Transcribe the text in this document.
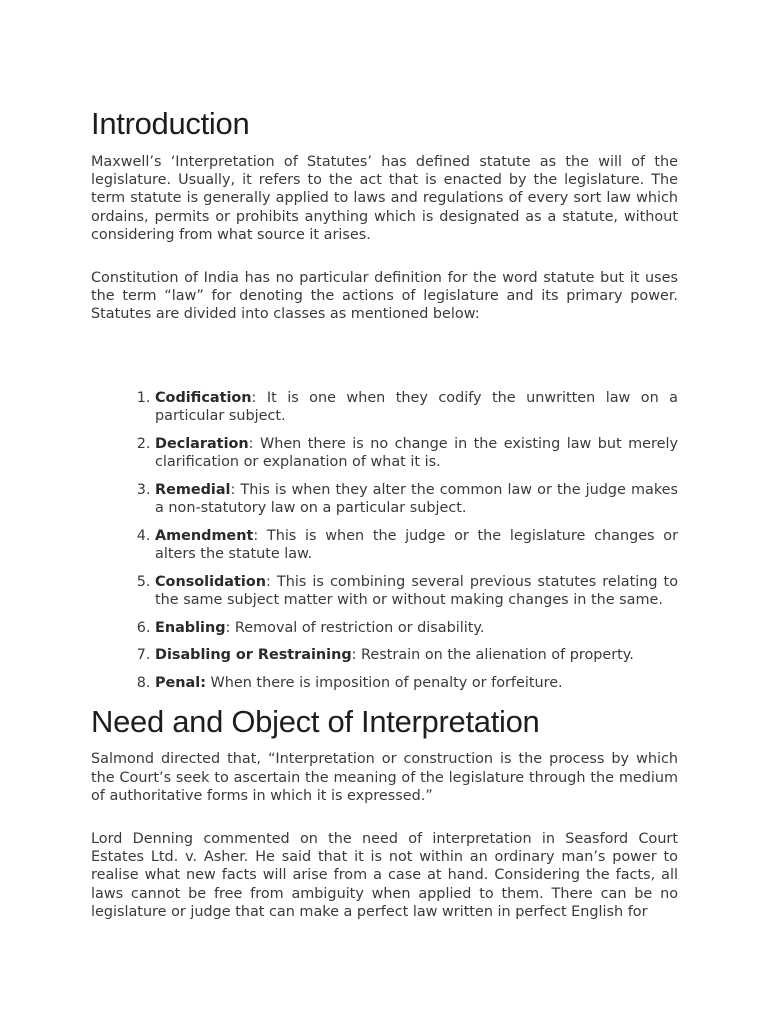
Introduction

Maxwell’s ‘Interpretation of Statutes’ has defined statute as the will of the legislature. Usually, it refers to the act that is enacted by the legislature. The term statute is generally applied to laws and regulations of every sort law which ordains, permits or prohibits anything which is designated as a statute, without considering from what source it arises.

Constitution of India has no particular definition for the word statute but it uses the term “law” for denoting the actions of legislature and its primary power. Statutes are divided into classes as mentioned below:

1. Codification: It is one when they codify the unwritten law on a particular subject.
2. Declaration: When there is no change in the existing law but merely clarification or explanation of what it is.
3. Remedial: This is when they alter the common law or the judge makes a non-statutory law on a particular subject.
4. Amendment: This is when the judge or the legislature changes or alters the statute law.
5. Consolidation: This is combining several previous statutes relating to the same subject matter with or without making changes in the same.
6. Enabling: Removal of restriction or disability.
7. Disabling or Restraining: Restrain on the alienation of property.
8. Penal: When there is imposition of penalty or forfeiture.
Need and Object of Interpretation

Salmond directed that, “Interpretation or construction is the process by which the Court’s seek to ascertain the meaning of the legislature through the medium of authoritative forms in which it is expressed.”

Lord Denning commented on the need of interpretation in Seasford Court Estates Ltd. v. Asher. He said that it is not within an ordinary man’s power to realise what new facts will arise from a case at hand. Considering the facts, all laws cannot be free from ambiguity when applied to them. There can be no legislature or judge that can make a perfect law written in perfect English for
